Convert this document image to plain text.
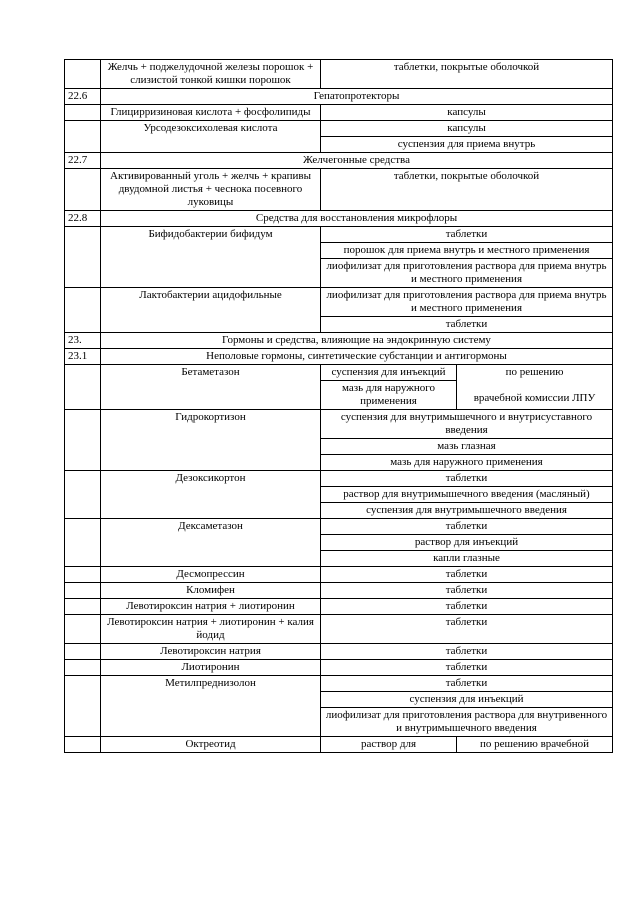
	Желчь + поджелудочной железы порошок + слизистой тонкой кишки порошок	таблетки, покрытые оболочкой	
22.6	Гепатопротекторы		
	Глицирризиновая кислота + фосфолипиды	капсулы	
	Урсодезоксихолевая кислота	капсулы	
		суспензия для приема внутрь	
22.7	Желчегонные средства		
	Активированный уголь + желчь + крапивы двудомной листья + чеснока посевного луковицы	таблетки, покрытые оболочкой	
22.8	Средства для восстановления микрофлоры		
	Бифидобактерии бифидум	таблетки	
		порошок для приема внутрь и местного применения	
		лиофилизат для приготовления раствора для приема внутрь и местного применения	
	Лактобактерии ацидофильные	лиофилизат для приготовления раствора для приема внутрь и местного применения	
		таблетки	
23.	Гормоны и средства, влияющие на эндокринную систему		
23.1	Неполовые гормоны, синтетические субстанции и антигормоны		
	Бетаметазон	суспензия для инъекций	по решению
врачебной комиссии ЛПУ

		мазь для наружного применения	
	Гидрокортизон	суспензия для внутримышечного и внутрисуставного введения	
		мазь глазная	
		мазь для наружного применения	
	Дезоксикортон	таблетки	
		раствор для внутримышечного введения (масляный)	
		суспензия для внутримышечного введения	
	Дексаметазон	таблетки	
		раствор для инъекций	
		капли глазные	
	Десмопрессин	таблетки	
	Кломифен	таблетки	
	Левотироксин натрия + лиотиронин	таблетки	
	Левотироксин натрия + лиотиронин + калия йодид	таблетки	
	Левотироксин натрия	таблетки	
	Лиотиронин	таблетки	
	Метилпреднизолон	таблетки	
		суспензия для инъекций	
		лиофилизат для приготовления раствора для внутривенного и внутримышечного введения	
	Октреотид	раствор для	по решению врачебной
